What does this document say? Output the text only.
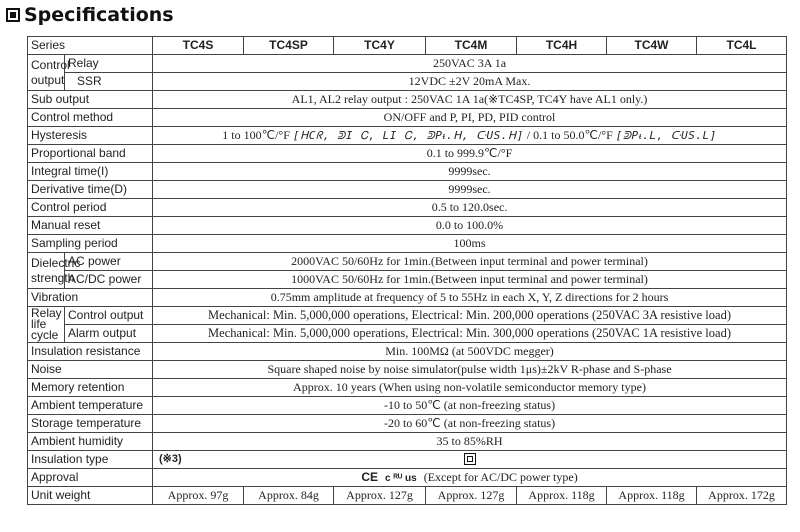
Specifications
Series		TC4S	TC4SP	TC4Y	TC4M	TC4H	TC4W	TC4L
Control
output	Relay	250VAC 3A 1a						
	SSR	12VDC ±2V 20mA Max.						
Sub output		AL1, AL2 relay output : 250VAC 1A 1a(※TC4SP, TC4Y have AL1 only.)						
Control method		ON/OFF and P, PI, PD, PID control						
Hysteresis		1 to 100℃/°F [ᕼCᖇ, ᕲI Ꮯ, LI Ꮯ, ᕲPᵼ.ᕼ, ᑢUS.ᕼ] / 0.1 to 50.0℃/°F [ᕲPᵼ.L, ᑢUS.L]						
Proportional band		0.1 to 999.9℃/°F						
Integral time(I)		9999sec.						
Derivative time(D)		9999sec.						
Control period		0.5 to 120.0sec.						
Manual reset		0.0 to 100.0%						
Sampling period		100ms						
Dielectric
strength	AC power	2000VAC 50/60Hz for 1min.(Between input terminal and power terminal)						
	AC/DC power	1000VAC 50/60Hz for 1min.(Between input terminal and power terminal)						
Vibration		0.75mm amplitude at frequency of 5 to 55Hz in each X, Y, Z directions for 2 hours						
Relay
life
cycle	Control output	Mechanical: Min. 5,000,000 operations, Electrical: Min. 200,000 operations (250VAC 3A resistive load)						
	Alarm output	Mechanical: Min. 5,000,000 operations, Electrical: Min. 300,000 operations (250VAC 1A resistive load)						
Insulation resistance		Min. 100MΩ (at 500VDC megger)						
Noise		Square shaped noise by noise simulator(pulse width 1μs)±2kV R-phase and S-phase						
Memory retention		Approx. 10 years (When using non-volatile semiconductor memory type)						
Ambient temperature		-10 to 50℃ (at non-freezing status)						
Storage temperature		-20 to 60℃ (at non-freezing status)						
Ambient humidity		35 to 85%RH						
Insulation type		(※3)						

Approval		CE c ᴿᵁ us (Except for AC/DC power type)						
Unit weight		Approx. 97g	Approx. 84g	Approx. 127g	Approx. 127g	Approx. 118g	Approx. 118g	Approx. 172g
